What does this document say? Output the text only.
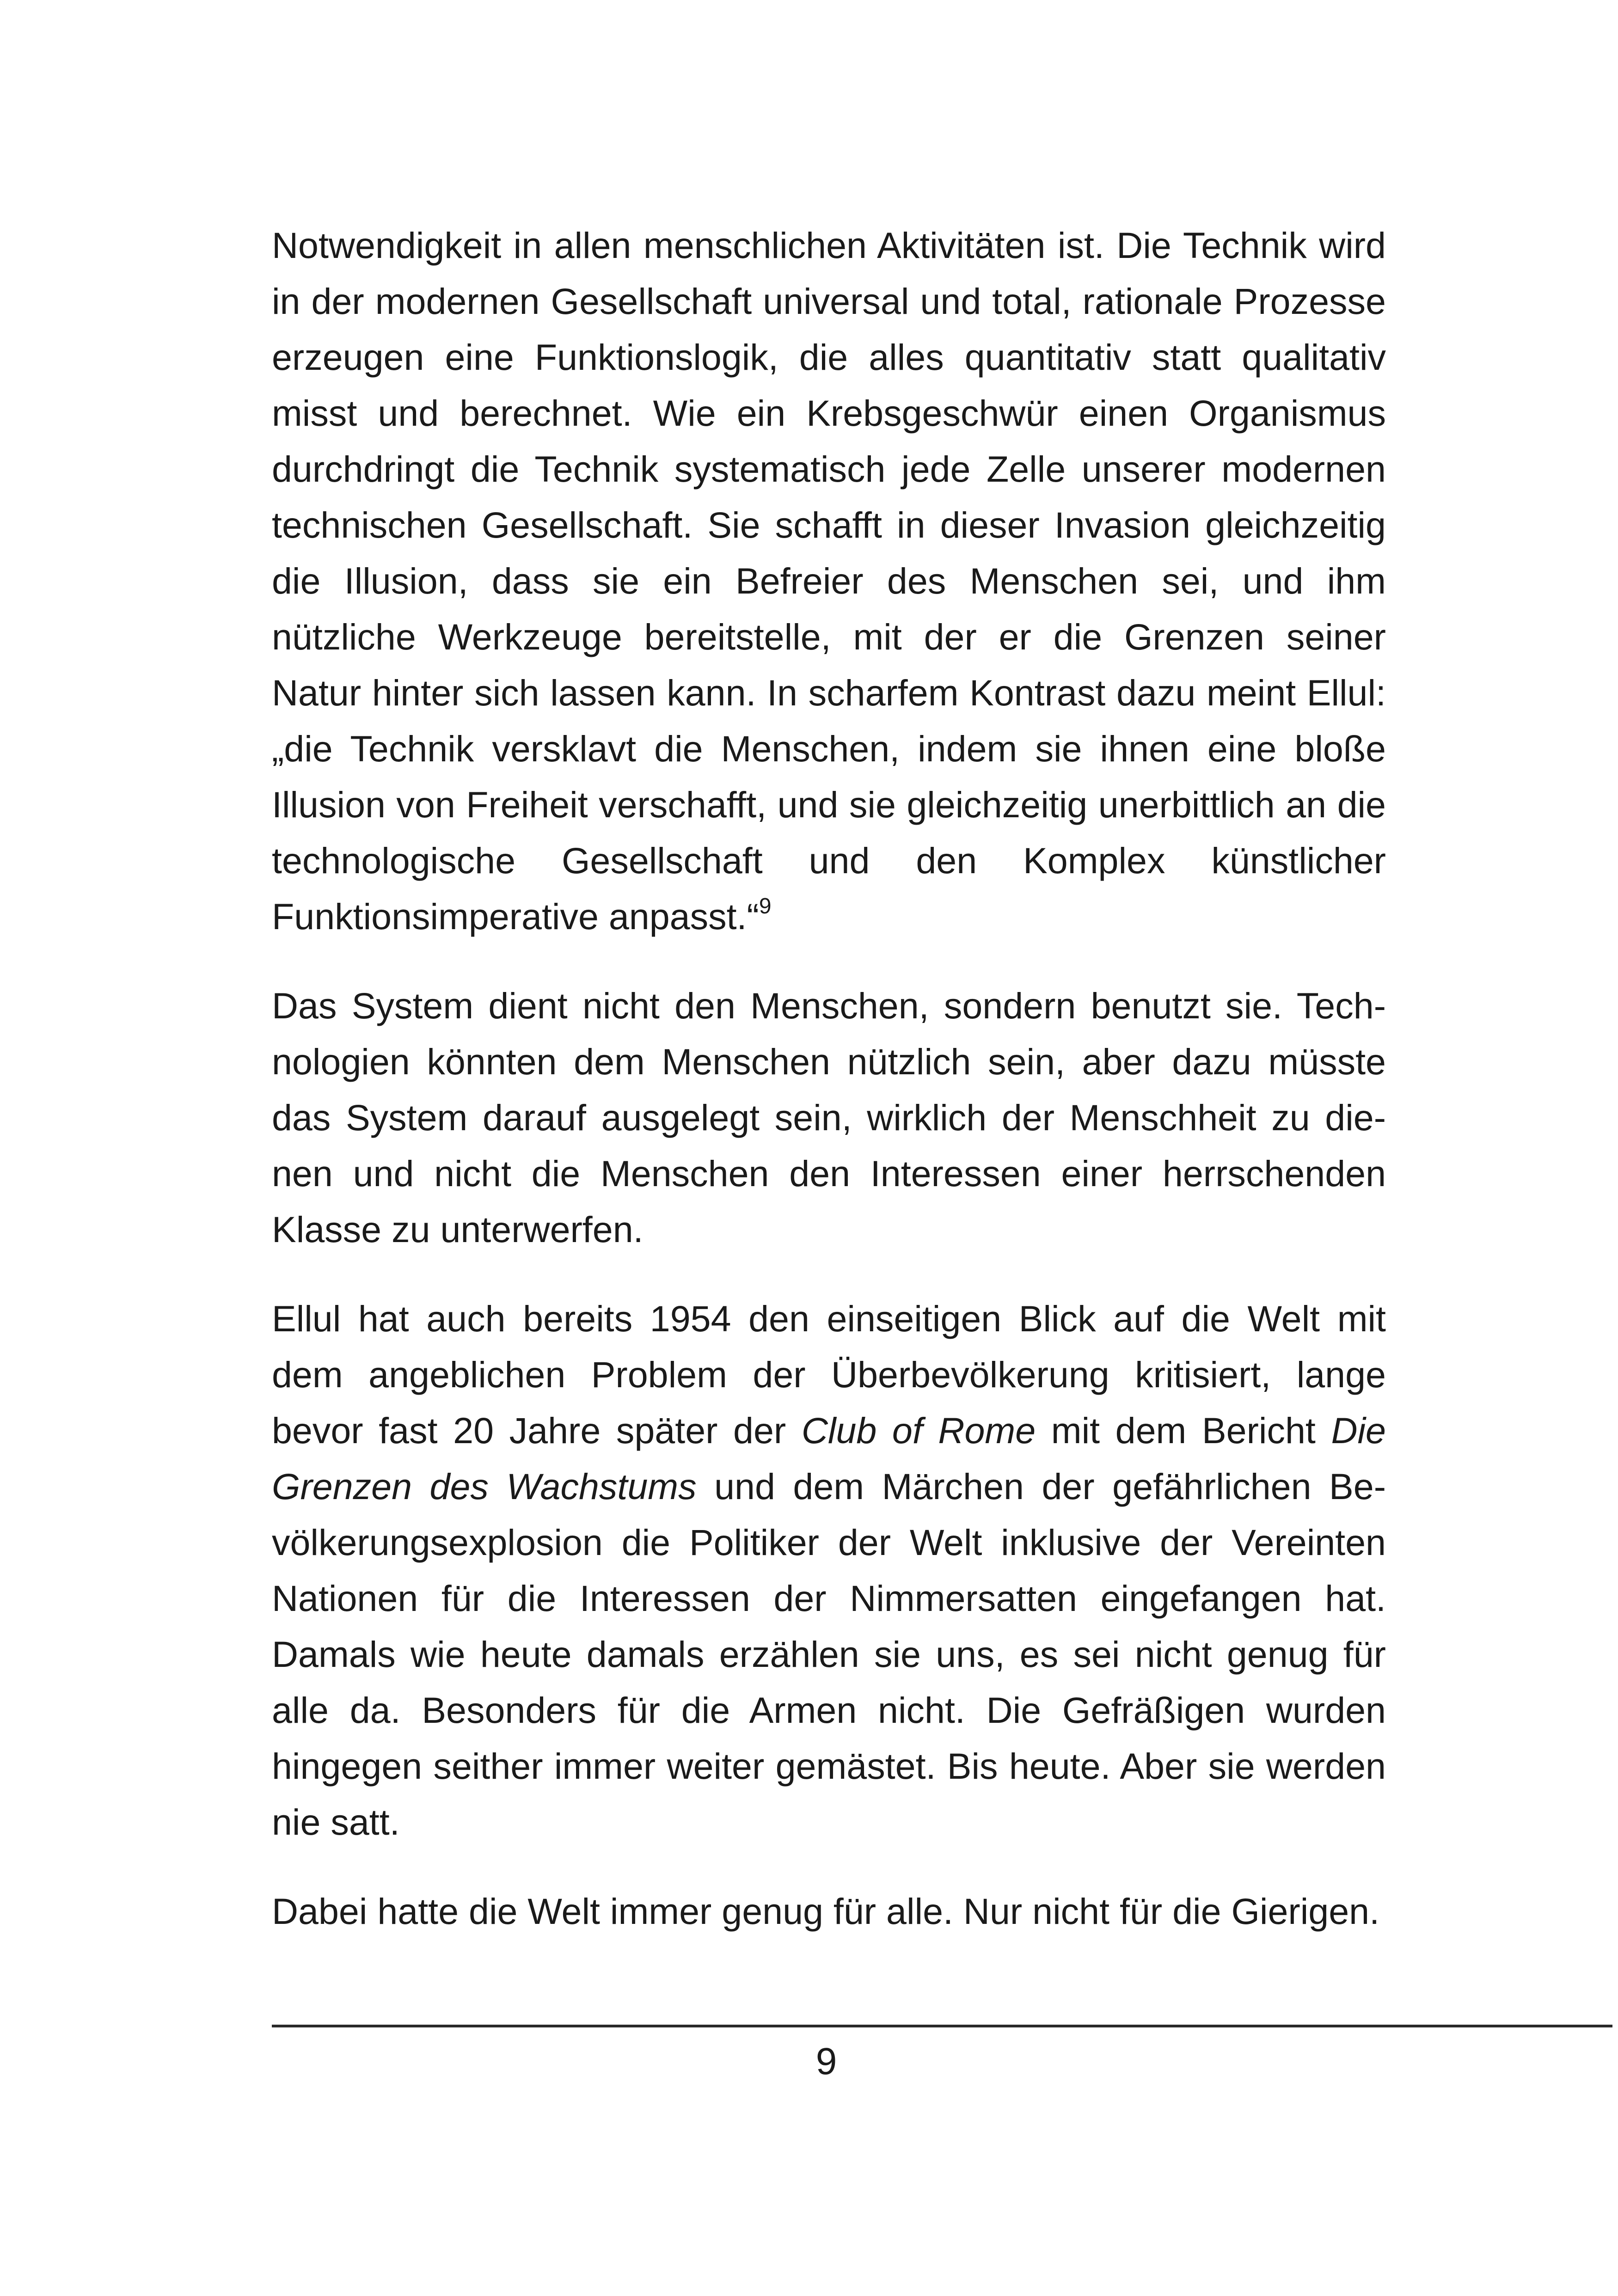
Notwendigkeit in allen menschlichen Aktivitäten ist. Die Technik wird in der modernen Gesellschaft universal und total, rationale Prozesse erzeugen eine Funktionslogik, die alles quantitativ statt qualitativ misst und berechnet. Wie ein Krebsgeschwür einen Organismus durchdringt die Technik systematisch jede Zelle unserer modernen technischen Gesellschaft. Sie schafft in dieser Invasion gleichzeitig die Illusion, dass sie ein Befreier des Menschen sei, und ihm nützliche Werkzeuge bereitstelle, mit der er die Grenzen seiner Natur hinter sich lassen kann. In scharfem Kontrast dazu meint Ellul: „die Technik versklavt die Menschen, indem sie ihnen eine bloße Illusion von Freiheit verschafft, und sie gleichzeitig unerbittlich an die technologische Gesellschaft und den Komplex künstlicher Funktionsimperative anpasst.“$^9$

Das System dient nicht den Menschen, sondern benutzt sie. Technologien könnten dem Menschen nützlich sein, aber dazu müsste das System darauf ausgelegt sein, wirklich der Menschheit zu dienen und nicht die Menschen den Interessen einer herrschenden Klasse zu unterwerfen.

Ellul hat auch bereits 1954 den einseitigen Blick auf die Welt mit dem angeblichen Problem der Überbevölkerung kritisiert, lange bevor fast 20 Jahre später der Club of Rome mit dem Bericht Die Grenzen des Wachstums und dem Märchen der gefährlichen Bevölkerungsexplosion die Politiker der Welt inklusive der Vereinten Nationen für die Interessen der Nimmersatten eingefangen hat. Damals wie heute damals erzählen sie uns, es sei nicht genug für alle da. Besonders für die Armen nicht. Die Gefräßigen wurden hingegen seither immer weiter gemästet. Bis heute. Aber sie werden nie satt.

Dabei hatte die Welt immer genug für alle. Nur nicht für die Gierigen.

9
